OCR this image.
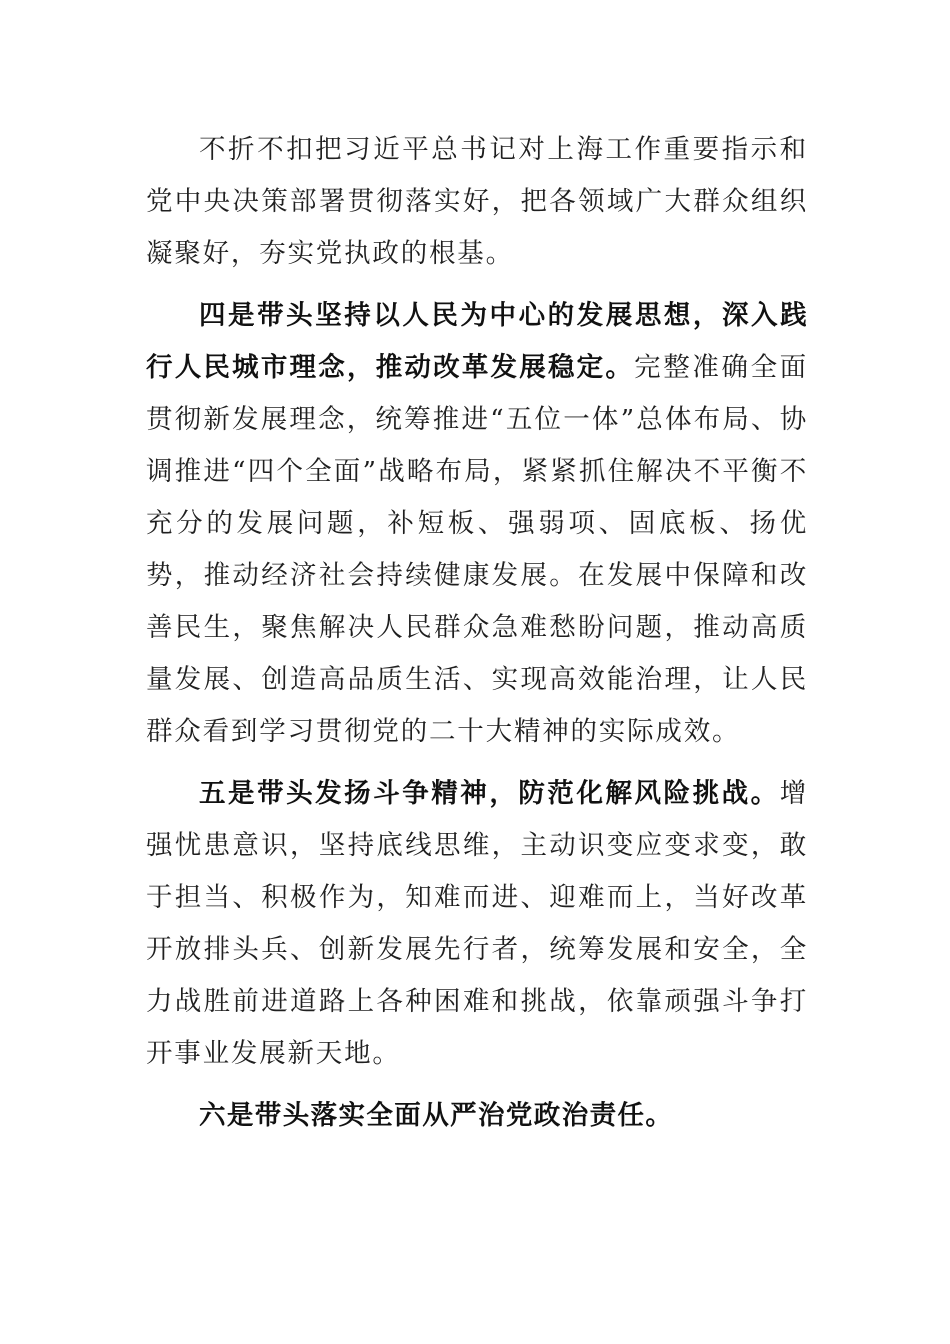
不折不扣把习近平总书记对上海工作重要指示和党中央决策部署贯彻落实好，把各领域广大群众组织凝聚好，夯实党执政的根基。

四是带头坚持以人民为中心的发展思想，深入践行人民城市理念，推动改革发展稳定。完整准确全面贯彻新发展理念，统筹推进“五位一体”总体布局、协调推进“四个全面”战略布局，紧紧抓住解决不平衡不充分的发展问题，补短板、强弱项、固底板、扬优势，推动经济社会持续健康发展。在发展中保障和改善民生，聚焦解决人民群众急难愁盼问题，推动高质量发展、创造高品质生活、实现高效能治理，让人民群众看到学习贯彻党的二十大精神的实际成效。

五是带头发扬斗争精神，防范化解风险挑战。增强忧患意识，坚持底线思维，主动识变应变求变，敢于担当、积极作为，知难而进、迎难而上，当好改革开放排头兵、创新发展先行者，统筹发展和安全，全力战胜前进道路上各种困难和挑战，依靠顽强斗争打开事业发展新天地。

六是带头落实全面从严治党政治责任。
